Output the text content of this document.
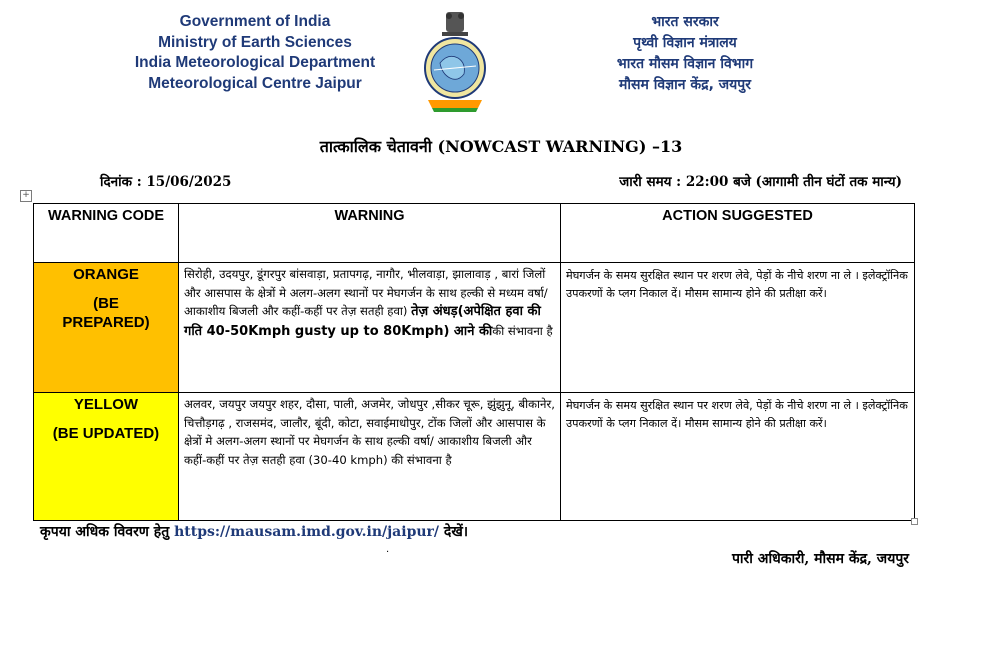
Government of India
Ministry of Earth Sciences
India Meteorological Department
Meteorological Centre Jaipur
भारत सरकार
पृथ्वी विज्ञान मंत्रालय
भारत मौसम विज्ञान विभाग
मौसम विज्ञान केंद्र, जयपुर
तात्कालिक चेतावनी (NOWCAST WARNING) –13
दिनांक : 15/06/2025	जारी समय : 22:00 बजे (आगामी तीन घंटों तक मान्य)
+
WARNING CODE	WARNING	ACTION SUGGESTED

ORANGE
(BE PREPARED)	सिरोही, उदयपुर, डूंगरपुर बांसवाड़ा, प्रतापगढ़, नागौर, भीलवाड़ा, झालावाड़ , बारां जिलों और आसपास के क्षेत्रों मे अलग-अलग स्थानों पर मेघगर्जन के साथ हल्की से मध्यम वर्षा/ आकाशीय बिजली और कहीं-कहीं पर तेज़ सतही हवा) तेज़ अंधड़(अपेक्षित हवा की गति 40-50Kmph gusty up to 80Kmph) आने कीकी संभावना है	मेघगर्जन के समय सुरक्षित स्थान पर शरण लेवे, पेड़ों के नीचे शरण ना ले । इलेक्ट्रॉनिक उपकरणों के प्लग निकाल दें। मौसम सामान्य होने की प्रतीक्षा करें।

YELLOW
(BE UPDATED)	अलवर, जयपुर जयपुर शहर, दौसा, पाली, अजमेर, जोधपुर ,सीकर चूरू, झुंझुनू, बीकानेर, चित्तौड़गढ़ , राजसमंद, जालौर, बूंदी, कोटा, सवाईमाधोपुर, टोंक जिलों और आसपास के क्षेत्रों मे अलग-अलग स्थानों पर मेघगर्जन के साथ हल्की वर्षा/ आकाशीय बिजली और कहीं-कहीं पर तेज़ सतही हवा (30-40 kmph) की संभावना है	मेघगर्जन के समय सुरक्षित स्थान पर शरण लेवे, पेड़ों के नीचे शरण ना ले । इलेक्ट्रॉनिक उपकरणों के प्लग निकाल दें। मौसम सामान्य होने की प्रतीक्षा करें।
कृपया अधिक विवरण हेतु https://mausam.imd.gov.in/jaipur/ देखें।
.
पारी अधिकारी, मौसम केंद्र, जयपुर
